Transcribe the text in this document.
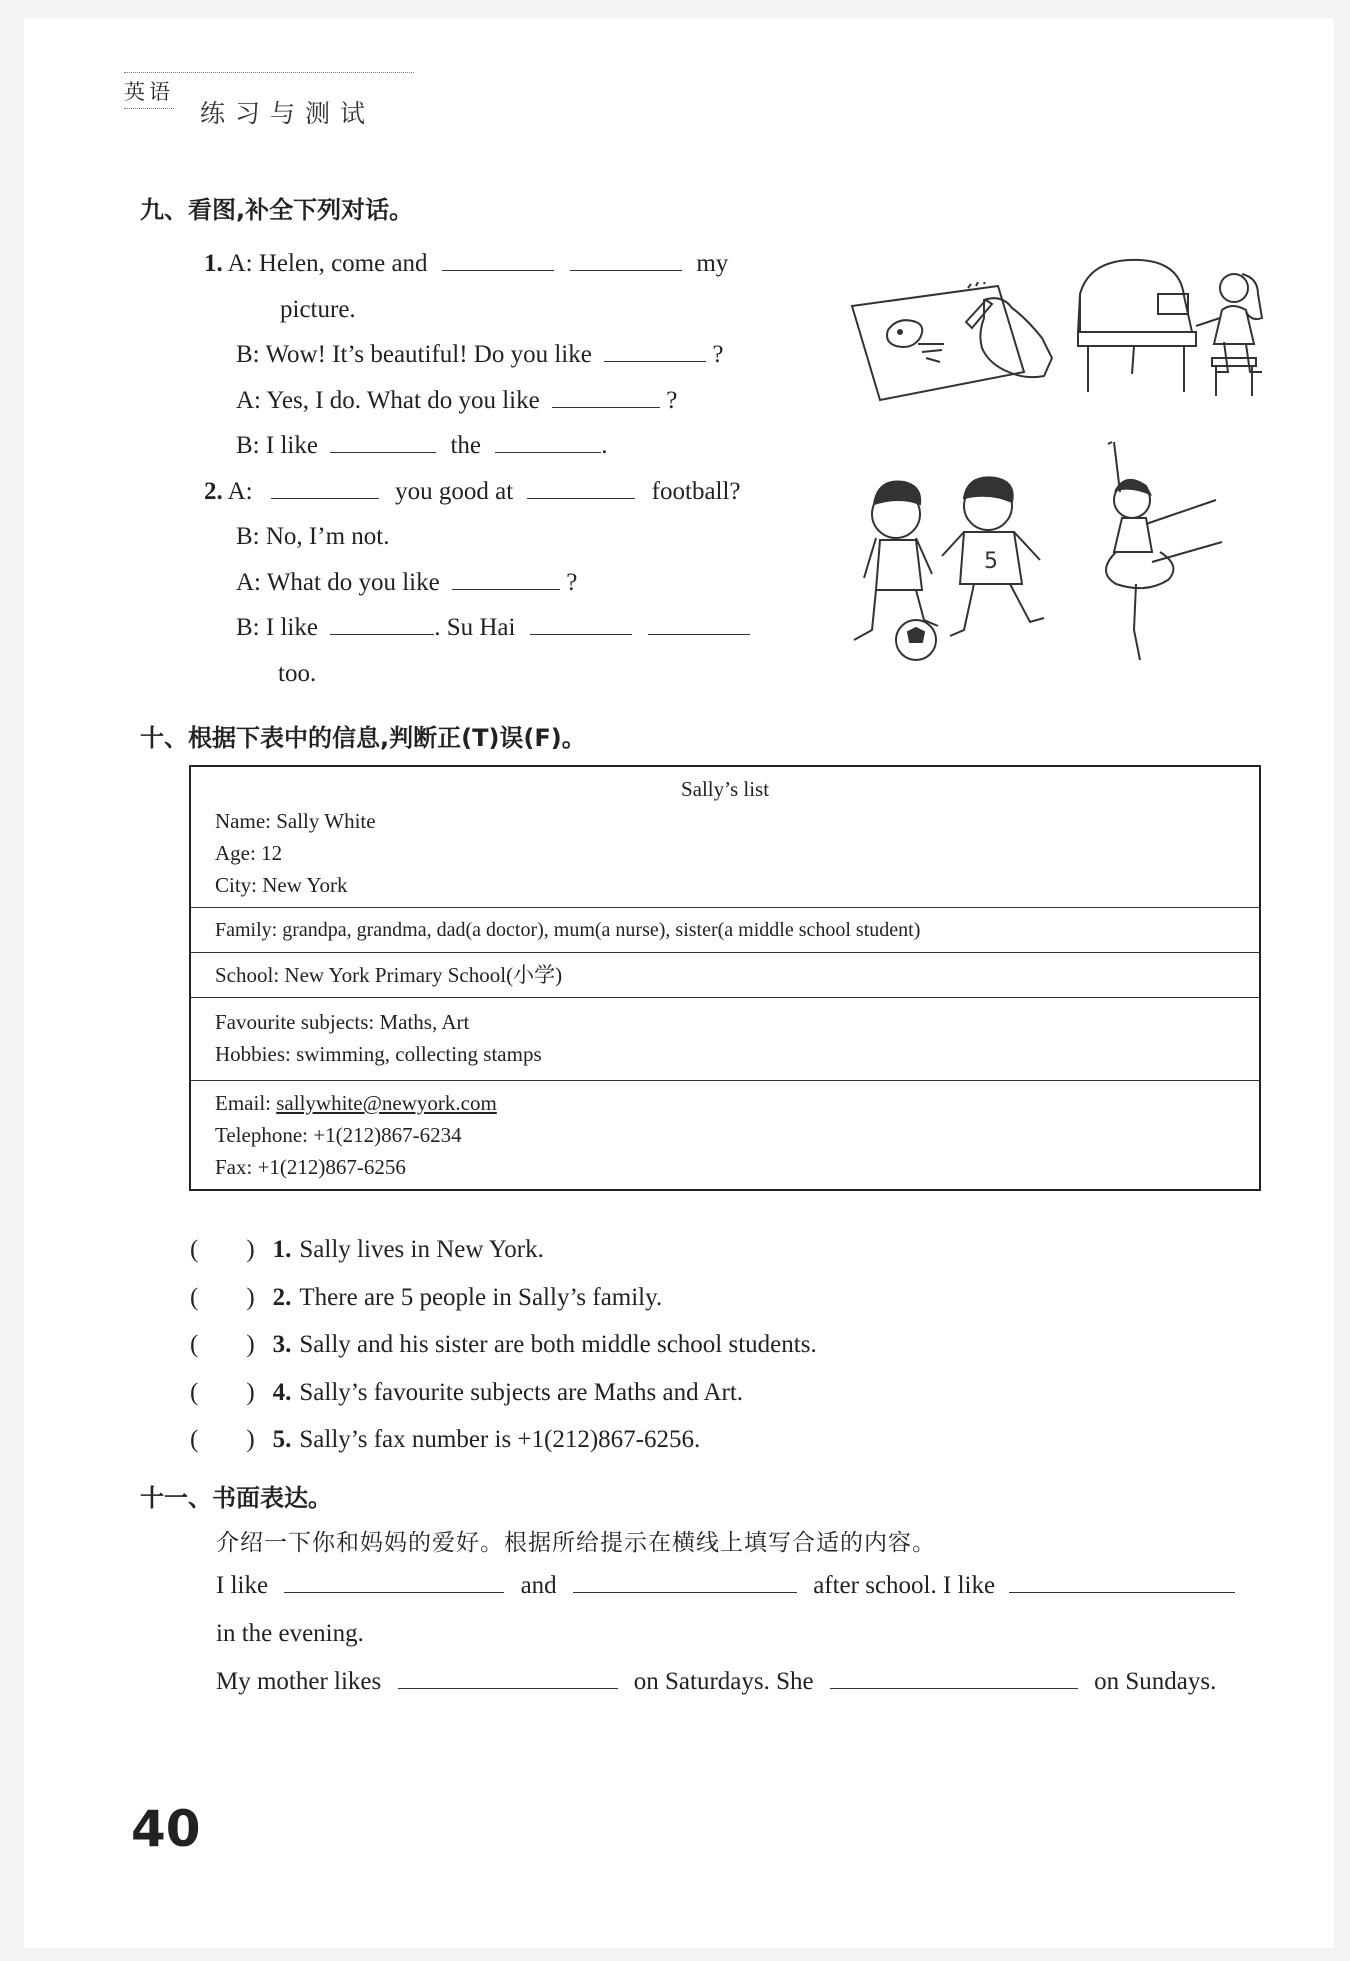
英语
练习与测试
九、看图,补全下列对话。
1. A: Helen, come and	my
picture.
B: Wow! It’s beautiful! Do you like	?
A: Yes, I do. What do you like	?
B: I like	the	.
2. A:	you good at	football?
B: No, I’m not.
A: What do you like	?
B: I like	. Su Hai
too.
5
十、根据下表中的信息,判断正(T)误(F)。
Sally’s list
Name: Sally White
Age: 12
City: New York

Family: grandpa, grandma, dad(a doctor), mum(a nurse), sister(a middle school student)
School: New York Primary School(小学)

Favourite subjects: Maths, Art
Hobbies: swimming, collecting stamps

Email: sallywhite@newyork.com
Telephone: +1(212)867-6234
Fax: +1(212)867-6256
( ) 1. Sally lives in New York.
( ) 2. There are 5 people in Sally’s family.
( ) 3. Sally and his sister are both middle school students.
( ) 4. Sally’s favourite subjects are Maths and Art.
( ) 5. Sally’s fax number is +1(212)867-6256.
十一、书面表达。
介绍一下你和妈妈的爱好。根据所给提示在横线上填写合适的内容。
I like	and	after school. I like
in the evening.
My mother likes	on Saturdays. She	on Sundays.
40
